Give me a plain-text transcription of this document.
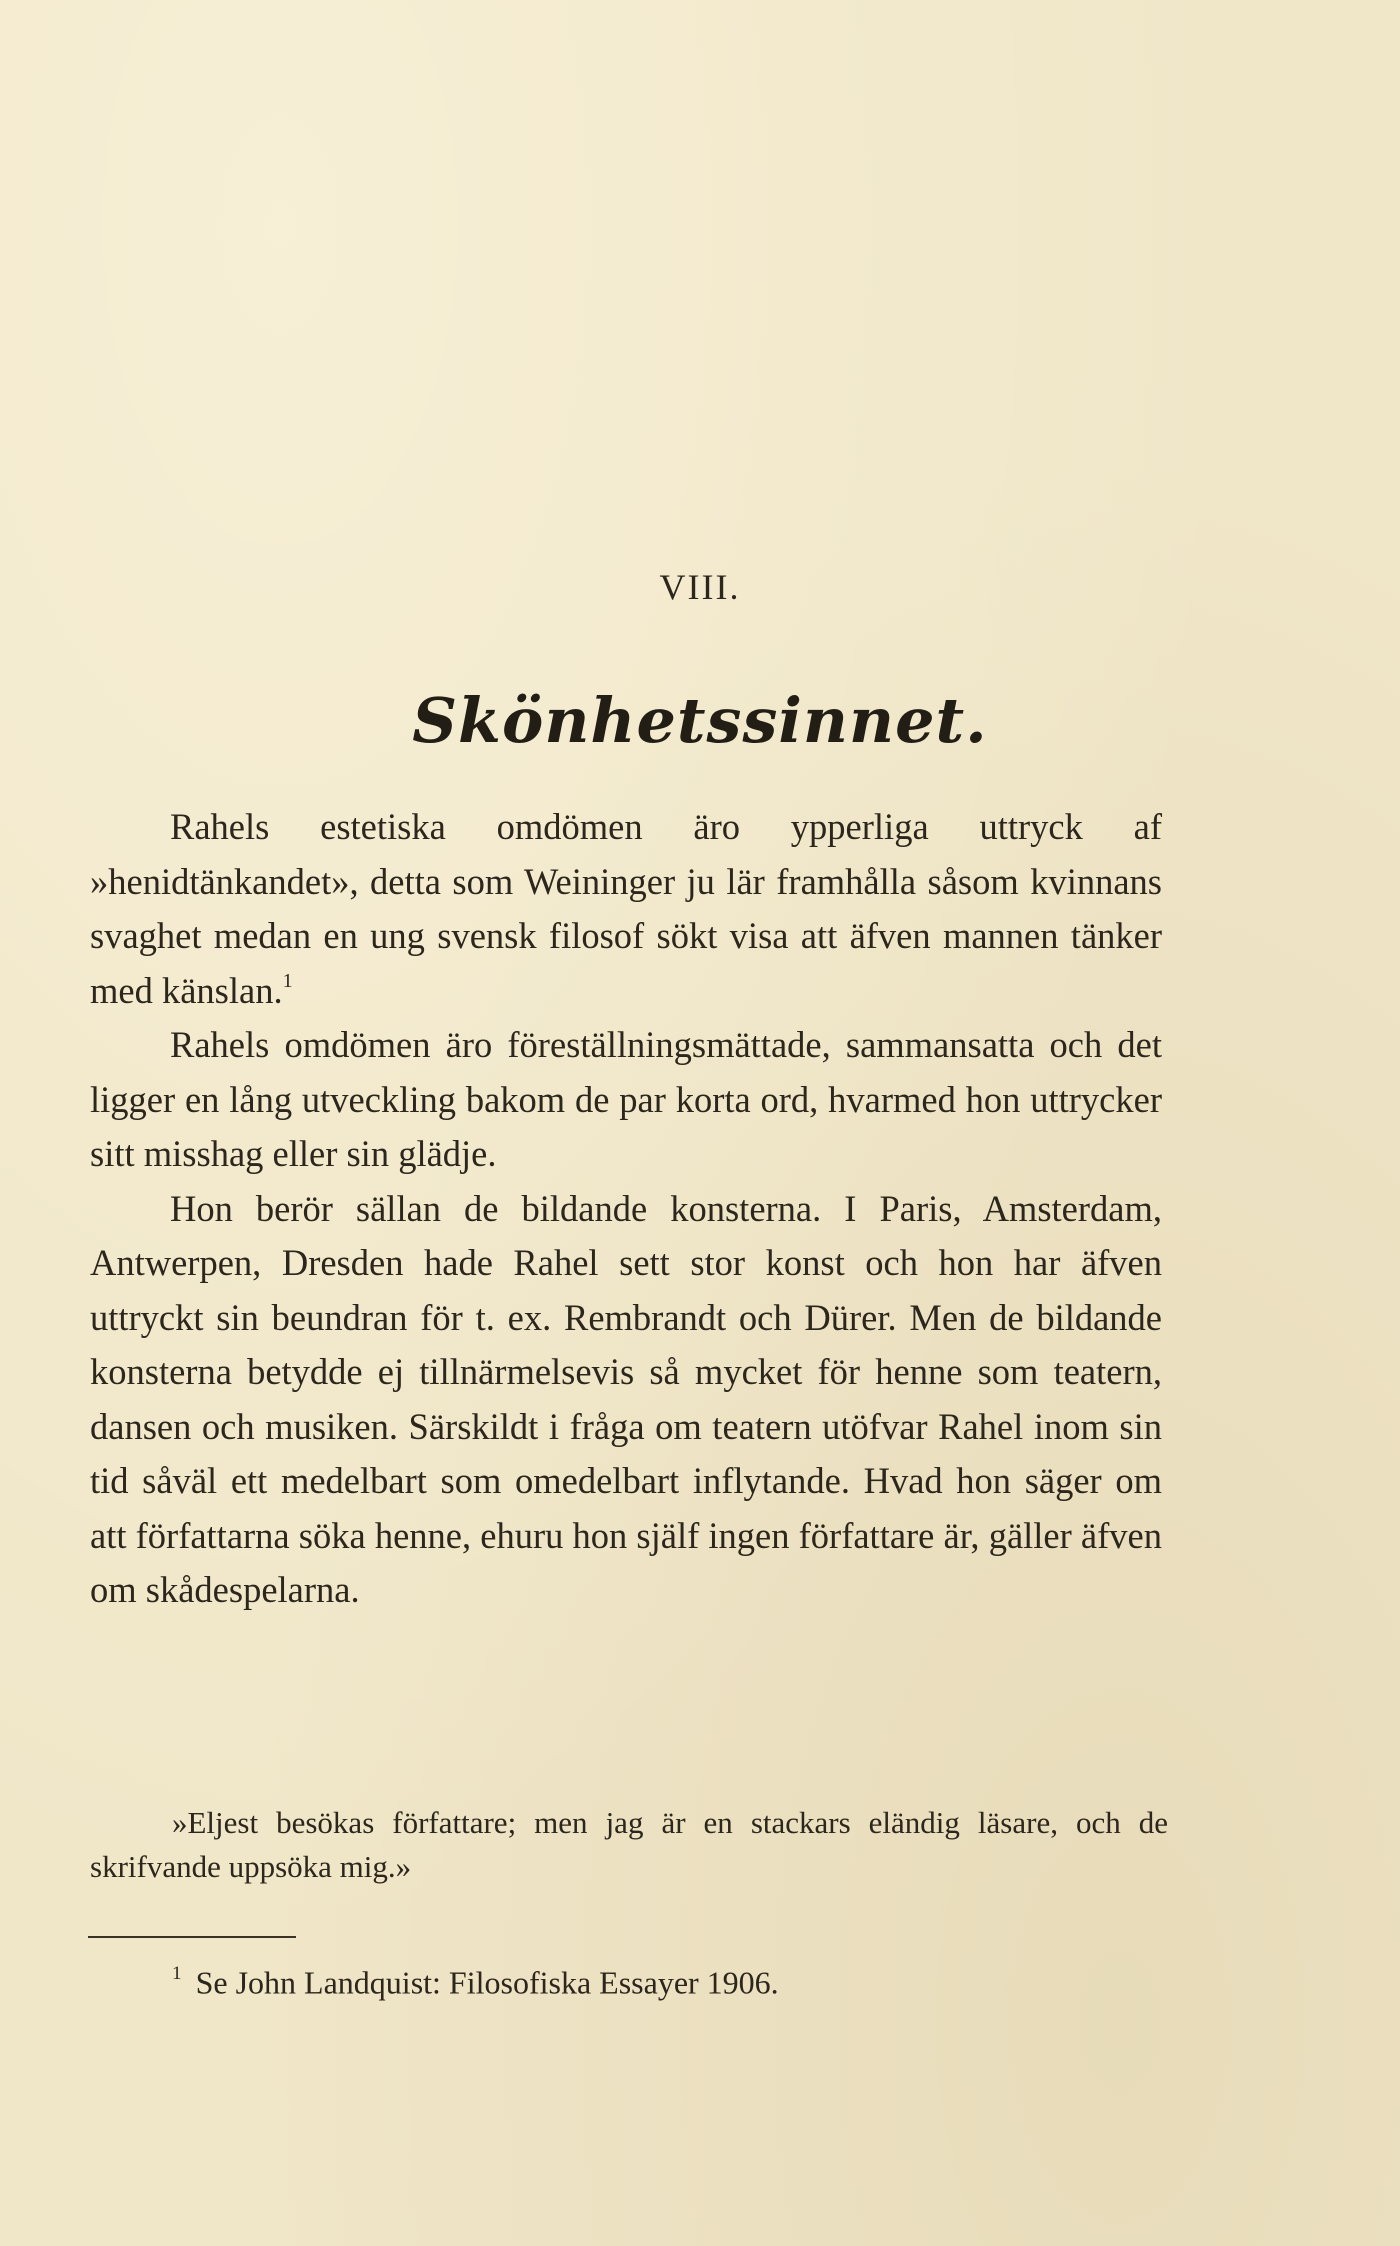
VIII.
Skönhetssinnet.

Rahels estetiska omdömen äro ypperliga uttryck af »henidtänkandet», detta som Weininger ju lär framhålla såsom kvinnans svaghet medan en ung svensk filosof sökt visa att äfven mannen tänker med känslan.$^1$

Rahels omdömen äro föreställningsmättade, sammansatta och det ligger en lång utveckling bakom de par korta ord, hvarmed hon uttrycker sitt misshag eller sin glädje.

Hon berör sällan de bildande konsterna. I Paris, Amsterdam, Antwerpen, Dresden hade Rahel sett stor konst och hon har äfven uttryckt sin beundran för t. ex. Rembrandt och Dürer. Men de bildande konsterna betydde ej tillnärmelsevis så mycket för henne som teatern, dansen och musiken. Särskildt i fråga om teatern utöfvar Rahel inom sin tid såväl ett medelbart som omedelbart inflytande. Hvad hon säger om att författarna söka henne, ehuru hon själf ingen författare är, gäller äfven om skådespelarna.

»Eljest besökas författare; men jag är en stackars eländig läsare, och de skrifvande uppsöka mig.»

$^1$ Se John Landquist: Filosofiska Essayer 1906.
